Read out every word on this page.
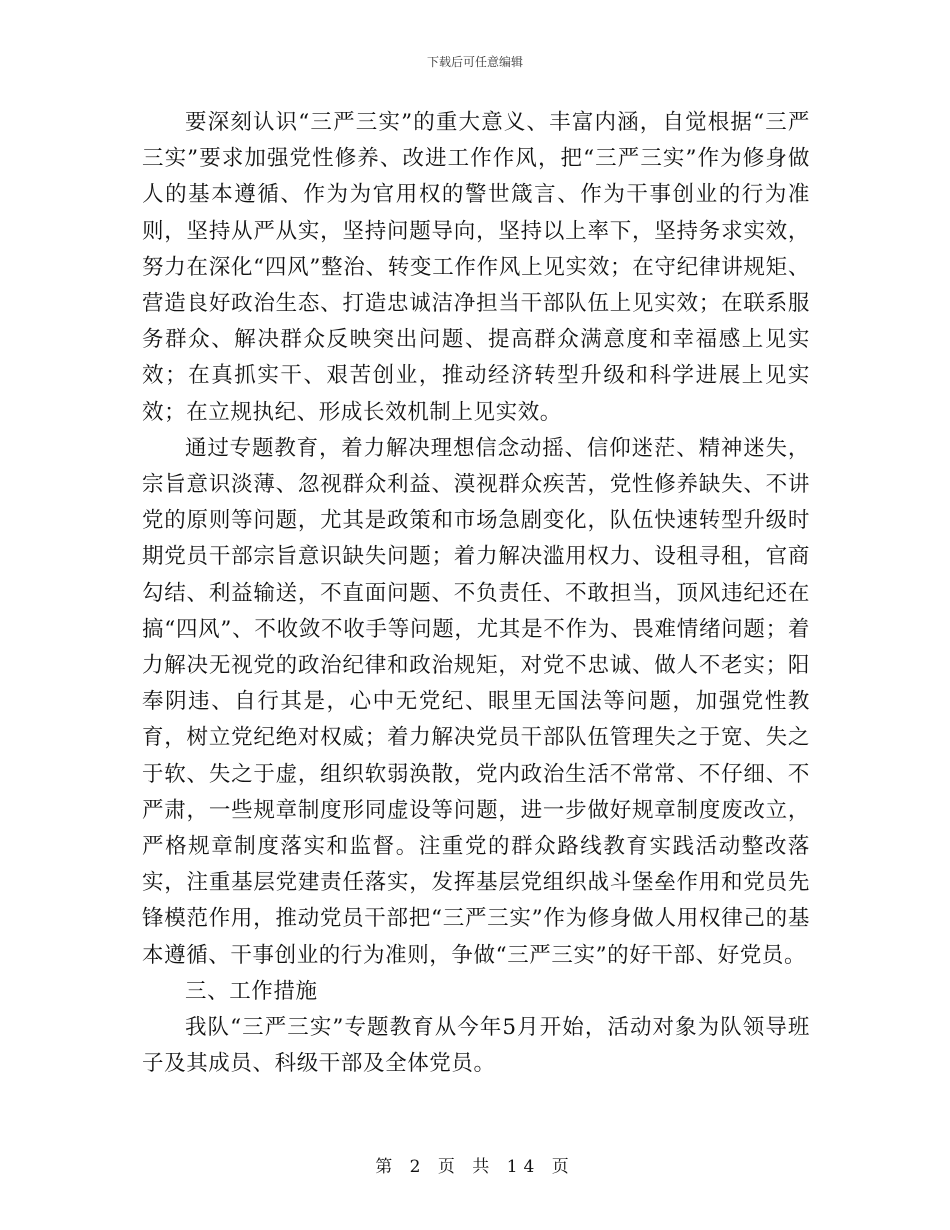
下载后可任意编辑

要深刻认识“三严三实”的重大意义、丰富内涵，自觉根据“三严三实”要求加强党性修养、改进工作作风，把“三严三实”作为修身做人的基本遵循、作为为官用权的警世箴言、作为干事创业的行为准则，坚持从严从实，坚持问题导向，坚持以上率下，坚持务求实效，努力在深化“四风”整治、转变工作作风上见实效；在守纪律讲规矩、营造良好政治生态、打造忠诚洁净担当干部队伍上见实效；在联系服务群众、解决群众反映突出问题、提高群众满意度和幸福感上见实效；在真抓实干、艰苦创业，推动经济转型升级和科学进展上见实效；在立规执纪、形成长效机制上见实效。

通过专题教育，着力解决理想信念动摇、信仰迷茫、精神迷失，宗旨意识淡薄、忽视群众利益、漠视群众疾苦，党性修养缺失、不讲党的原则等问题，尤其是政策和市场急剧变化，队伍快速转型升级时期党员干部宗旨意识缺失问题；着力解决滥用权力、设租寻租，官商勾结、利益输送，不直面问题、不负责任、不敢担当，顶风违纪还在搞“四风”、不收敛不收手等问题，尤其是不作为、畏难情绪问题；着力解决无视党的政治纪律和政治规矩，对党不忠诚、做人不老实；阳奉阴违、自行其是，心中无党纪、眼里无国法等问题，加强党性教育，树立党纪绝对权威；着力解决党员干部队伍管理失之于宽、失之于软、失之于虚，组织软弱涣散，党内政治生活不常常、不仔细、不严肃，一些规章制度形同虚设等问题，进一步做好规章制度废改立，严格规章制度落实和监督。注重党的群众路线教育实践活动整改落实，注重基层党建责任落实，发挥基层党组织战斗堡垒作用和党员先锋模范作用，推动党员干部把“三严三实”作为修身做人用权律己的基本遵循、干事创业的行为准则，争做“三严三实”的好干部、好党员。

三、工作措施

我队“三严三实”专题教育从今年5月开始，活动对象为队领导班子及其成员、科级干部及全体党员。

第 2 页 共 14 页
